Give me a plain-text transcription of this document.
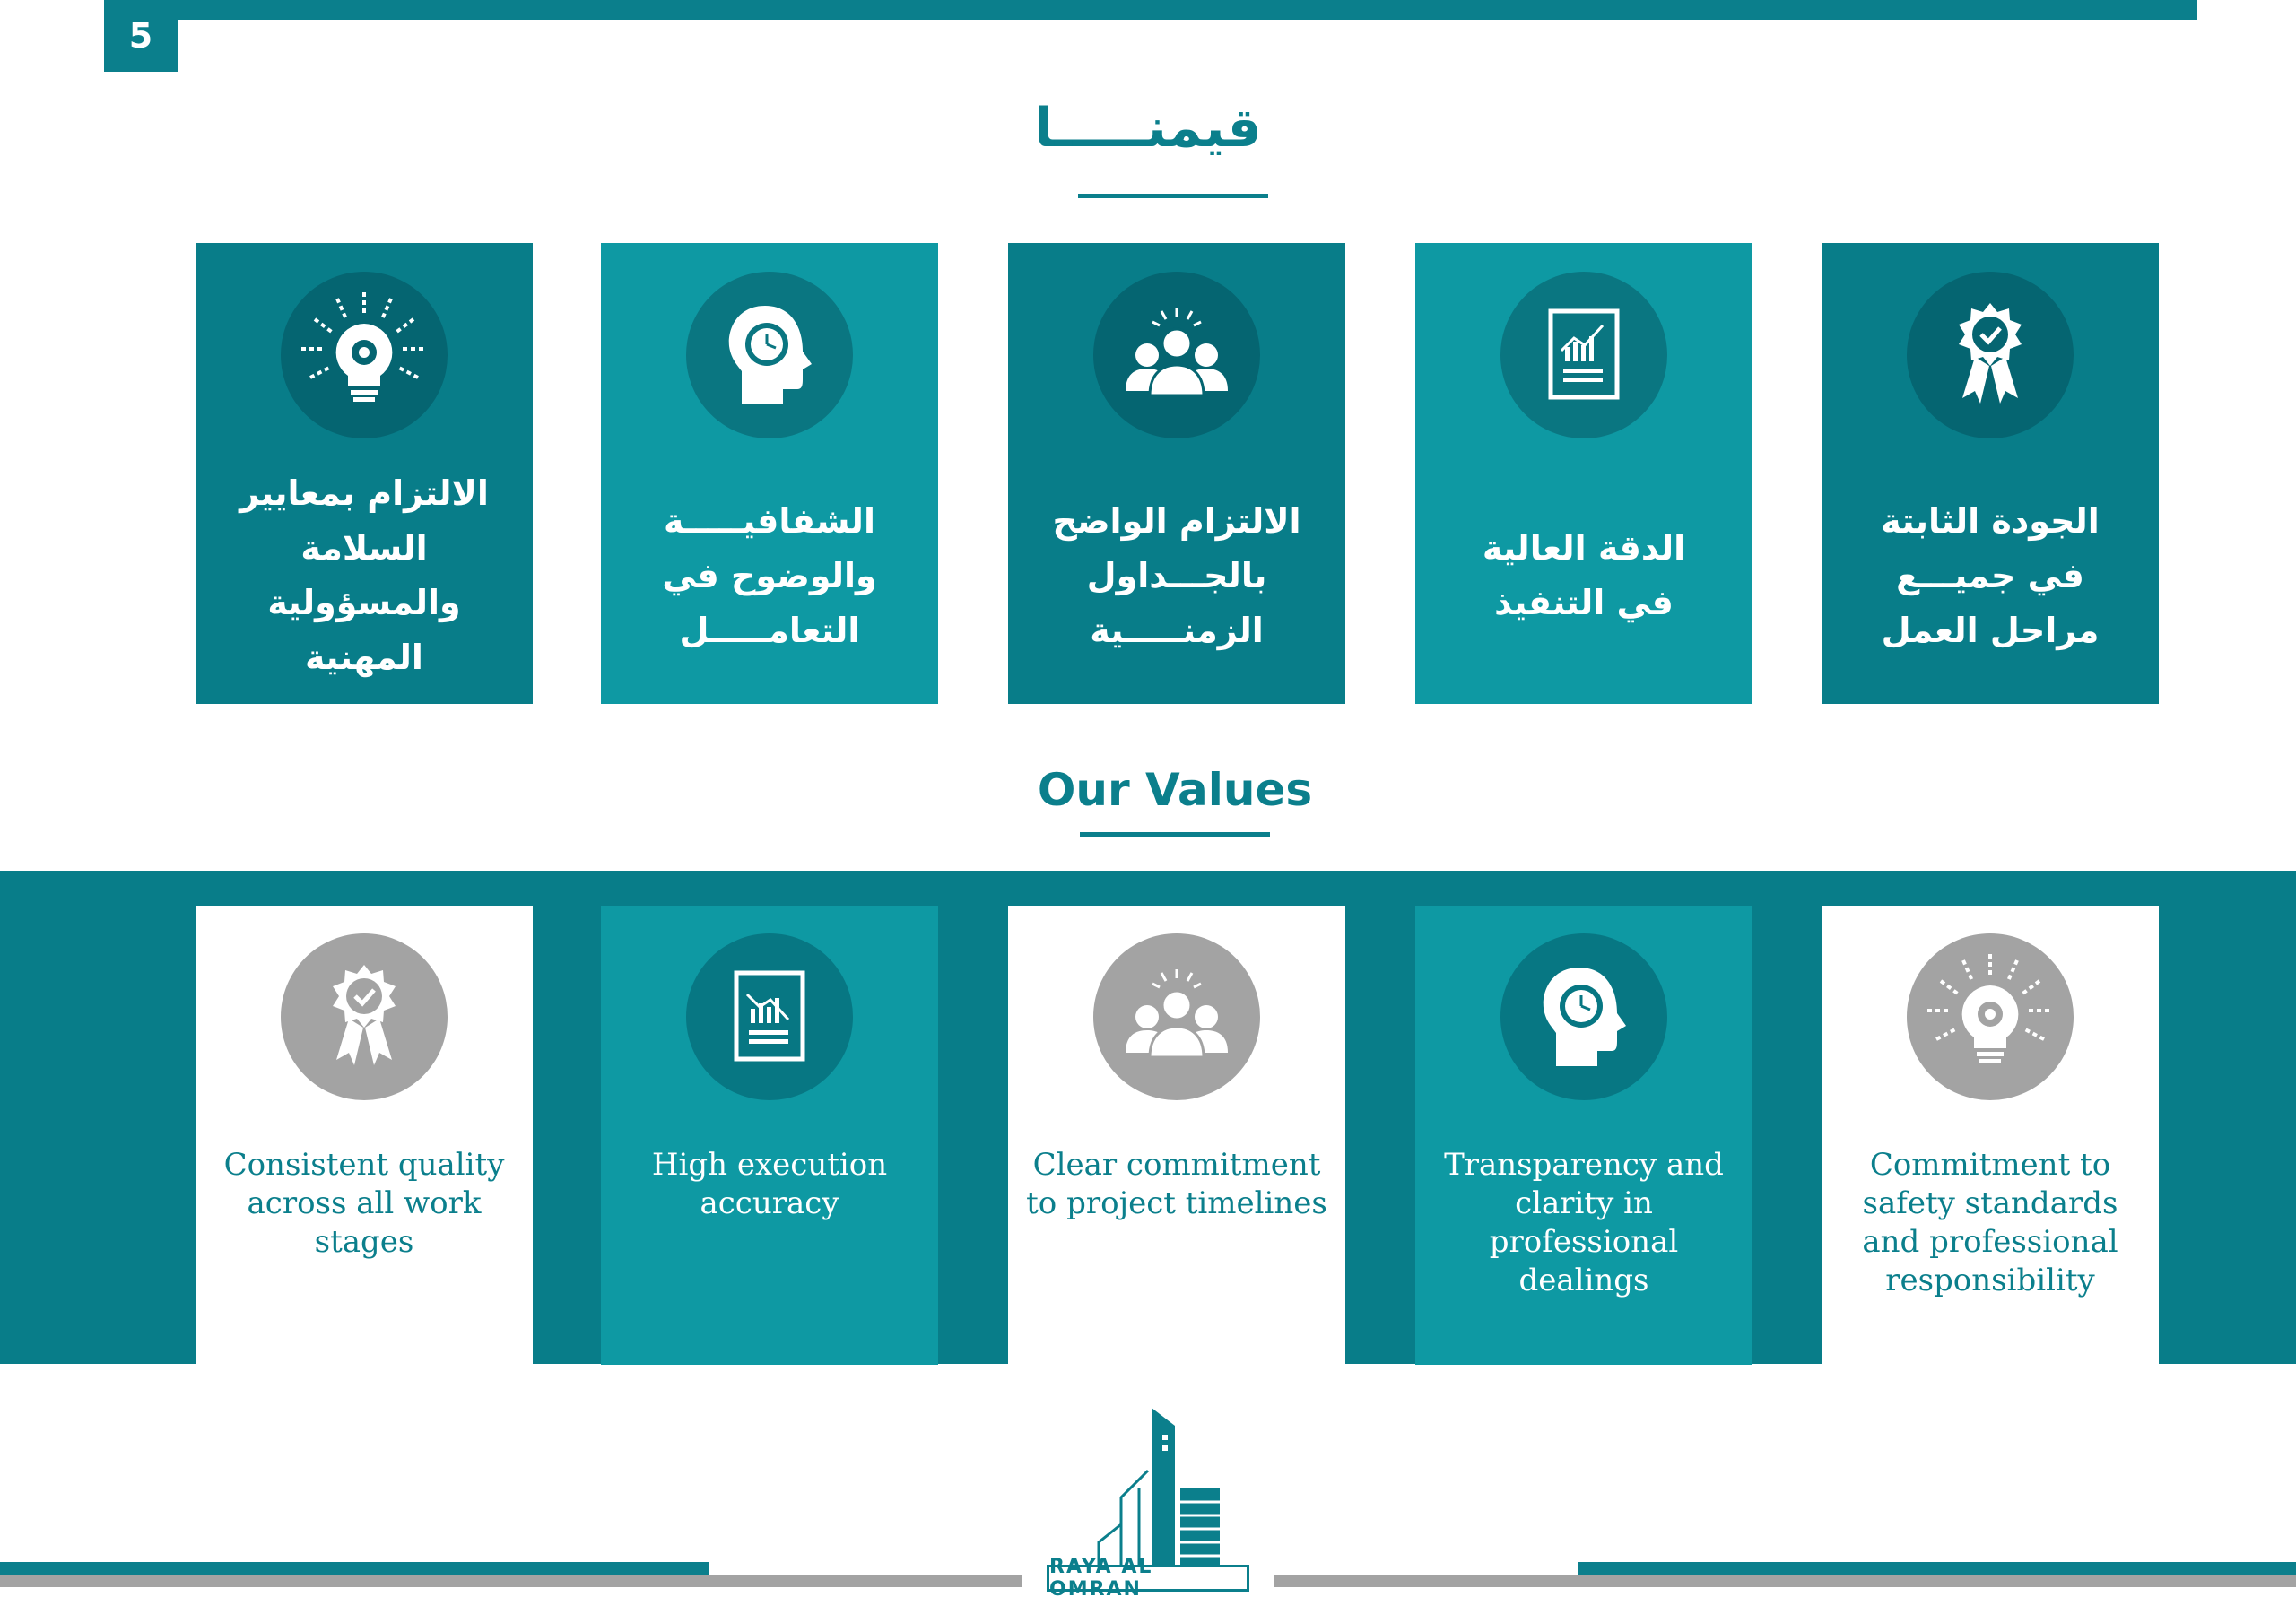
5
قيمنـــــا
الالتزام بمعايير
السلامة
والمسؤولية
المهنية
الشفافيـــــة
والوضوح في
التعامـــــل
الالتزام الواضح
بالجـــداول
الزمنـــــية
الدقة العالية
في التنفيذ
الجودة الثابتة
في جميـــع
مراحل العمل
Our Values
Consistent quality across all work stages
High execution accuracy
Clear commitment to project timelines
Transparency and clarity in professional dealings
Commitment to safety standards and professional responsibility
RAYA AL OMRAN
